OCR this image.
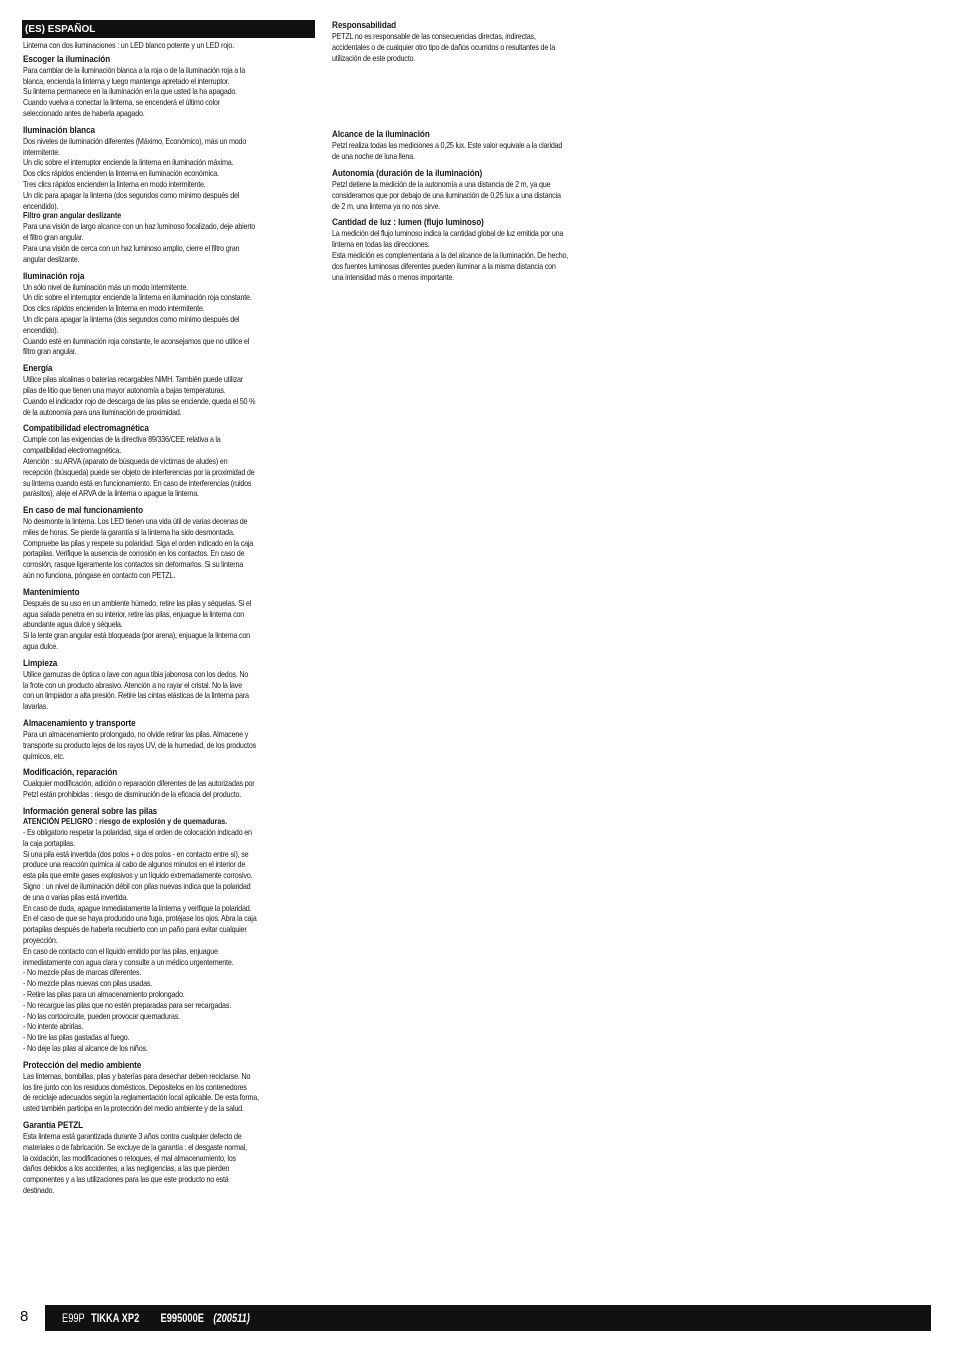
(ES) ESPAÑOL
Linterna con dos iluminaciones : un LED blanco potente y un LED rojo.
Escoger la iluminación
Para cambiar de la iluminación blanca a la roja o de la iluminación roja a la
blanca, encienda la linterna y luego mantenga apretado el interruptor.
Su linterna permanece en la iluminación en la que usted la ha apagado.
Cuando vuelva a conectar la linterna, se encenderá el último color
seleccionado antes de haberla apagado.
Iluminación blanca
Dos niveles de iluminación diferentes (Máximo, Económico), más un modo
intermitente.
Un clic sobre el interruptor enciende la linterna en iluminación máxima.
Dos clics rápidos encienden la linterna en iluminación económica.
Tres clics rápidos encienden la linterna en modo intermitente.
Un clic para apagar la linterna (dos segundos como mínimo después del
encendido).
Filtro gran angular deslizante
Para una visión de largo alcance con un haz luminoso focalizado, deje abierto
el filtro gran angular.
Para una visión de cerca con un haz luminoso amplio, cierre el filtro gran
angular deslizante.
Iluminación roja
Un sólo nivel de iluminación más un modo intermitente.
Un clic sobre el interruptor enciende la linterna en iluminación roja constante.
Dos clics rápidos encienden la linterna en modo intermitente.
Un clic para apagar la linterna (dos segundos como mínimo después del
encendido).
Cuando esté en iluminación roja constante, le aconsejamos que no utilice el
filtro gran angular.
Energía
Utilice pilas alcalinas o baterías recargables NiMH. También puede utilizar
pilas de litio que tienen una mayor autonomía a bajas temperaturas.
Cuando el indicador rojo de descarga de las pilas se enciende, queda el 50 %
de la autonomía para una iluminación de proximidad.
Compatibilidad electromagnética
Cumple con las exigencias de la directiva 89/336/CEE relativa a la
compatibilidad electromagnética.
Atención : su ARVA (aparato de búsqueda de víctimas de aludes) en
recepción (búsqueda) puede ser objeto de interferencias por la proximidad de
su linterna cuando está en funcionamiento. En caso de interferencias (ruidos
parásitos), aleje el ARVA de la linterna o apague la linterna.
En caso de mal funcionamiento
No desmonte la linterna. Los LED tienen una vida útil de varias decenas de
miles de horas. Se pierde la garantía si la linterna ha sido desmontada.
Compruebe las pilas y respete su polaridad. Siga el orden indicado en la caja
portapilas. Verifique la ausencia de corrosión en los contactos. En caso de
corrosión, rasque ligeramente los contactos sin deformarlos. Si su linterna
aún no funciona, póngase en contacto con PETZL.
Mantenimiento
Después de su uso en un ambiente húmedo, retire las pilas y séquelas. Si el
agua salada penetra en su interior, retire las pilas, enjuague la linterna con
abundante agua dulce y séquela.
Si la lente gran angular está bloqueada (por arena), enjuague la linterna con
agua dulce.
Limpieza
Utilice gamuzas de óptica o lave con agua tibia jabonosa con los dedos. No
la frote con un producto abrasivo. Atención a no rayar el cristal. No la lave
con un limpiador a alta presión. Retire las cintas elásticas de la linterna para
lavarlas.
Almacenamiento y transporte
Para un almacenamiento prolongado, no olvide retirar las pilas. Almacene y
transporte su producto lejos de los rayos UV, de la humedad, de los productos
químicos, etc.
Modificación, reparación
Cualquier modificación, adición o reparación diferentes de las autorizadas por
Petzl están prohibidas : riesgo de disminución de la eficacia del producto.
Información general sobre las pilas
ATENCIÓN PELIGRO : riesgo de explosión y de quemaduras.
- Es obligatorio respetar la polaridad, siga el orden de colocación indicado en
la caja portapilas.
Si una pila está invertida (dos polos + o dos polos - en contacto entre sí), se
produce una reacción química al cabo de algunos minutos en el interior de
esta pila que emite gases explosivos y un líquido extremadamente corrosivo.
Signo : un nivel de iluminación débil con pilas nuevas indica que la polaridad
de una o varias pilas está invertida.
En caso de duda, apague inmediatamente la linterna y verifique la polaridad.
En el caso de que se haya producido una fuga, protéjase los ojos. Abra la caja
portapilas después de haberla recubierto con un paño para evitar cualquier
proyección.
En caso de contacto con el líquido emitido por las pilas, enjuague
inmediatamente con agua clara y consulte a un médico urgentemente.
- No mezcle pilas de marcas diferentes.
- No mezcle pilas nuevas con pilas usadas.
- Retire las pilas para un almacenamiento prolongado.
- No recargue las pilas que no estén preparadas para ser recargadas.
- No las cortocircuite, pueden provocar quemaduras.
- No intente abrirlas.
- No tire las pilas gastadas al fuego.
- No deje las pilas al alcance de los niños.
Protección del medio ambiente
Las linternas, bombillas, pilas y baterías para desechar deben reciclarse. No
los tire junto con los residuos domésticos. Depositelos en los contenedores
de reciclaje adecuados según la reglamentación local aplicable. De esta forma,
usted también participa en la protección del medio ambiente y de la salud.
Garantía PETZL
Esta linterna está garantizada durante 3 años contra cualquier defecto de
materiales o de fabricación. Se excluye de la garantía : el desgaste normal,
la oxidación, las modificaciones o retoques, el mal almacenamiento, los
daños debidos a los accidentes, a las negligencias, a las que pierden
componentes y a las utilizaciones para las que este producto no está
destinado.
Responsabilidad
PETZL no es responsable de las consecuencias directas, indirectas,
accidentales o de cualquier otro tipo de daños ocurridos o resultantes de la
utilización de este producto.
Alcance de la iluminación
Petzl realiza todas las mediciones a 0,25 lux. Este valor equivale a la claridad
de una noche de luna llena.
Autonomía (duración de la iluminación)
Petzl detiene la medición de la autonomía a una distancia de 2 m, ya que
consideramos que por debajo de una iluminación de 0,25 lux a una distancia
de 2 m, una linterna ya no nos sirve.
Cantidad de luz : lumen (flujo luminoso)
La medición del flujo luminoso indica la cantidad global de luz emitida por una
linterna en todas las direcciones.
Esta medición es complementaria a la del alcance de la iluminación. De hecho,
dos fuentes luminosas diferentes pueden iluminar a la misma distancia con
una intensidad más o menos importante.
8	E99P TIKKA XP2 E995000E (200511)
